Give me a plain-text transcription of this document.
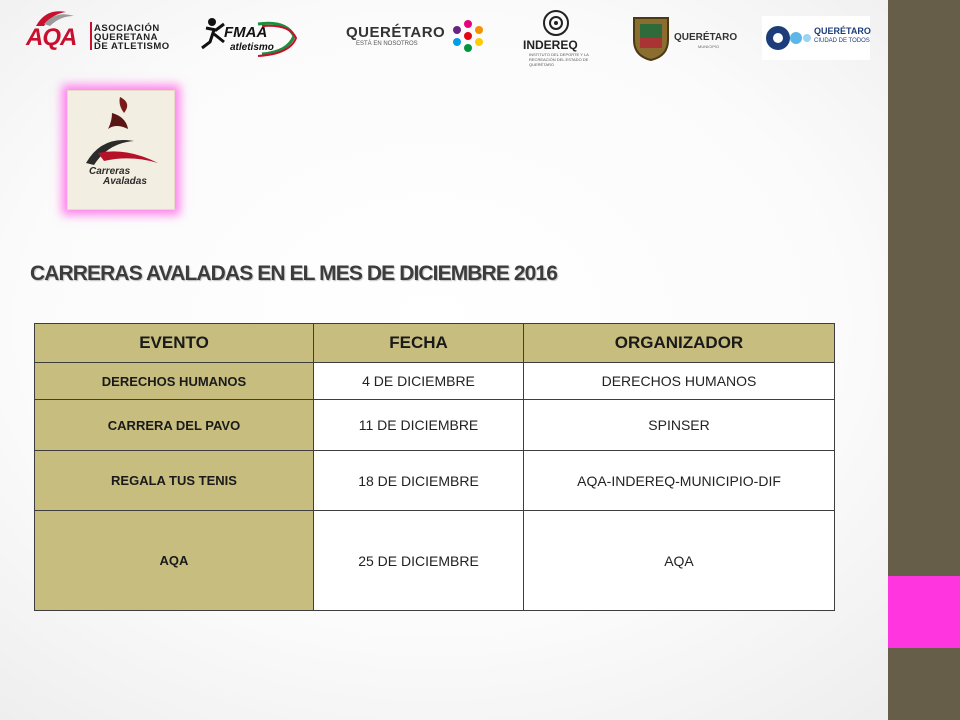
AQA ASOCIACIÓN
QUERETANA
DE ATLETISMO
FMAA
atletismo
QUERÉTARO
ESTÁ EN NOSOTROS	INDEREQ
INSTITUTO DEL DEPORTE Y LA RECREACIÓN DEL ESTADO DE QUERÉTARO
QUERÉTARO
MUNICIPIO
QUERÉTARO
CIUDAD DE TODOS
Carreras
Avaladas
CARRERAS AVALADAS EN EL MES DE DICIEMBRE 2016
EVENTO	FECHA	ORGANIZADOR
DERECHOS HUMANOS	4 DE DICIEMBRE	DERECHOS HUMANOS
CARRERA DEL PAVO	11 DE DICIEMBRE	SPINSER
REGALA TUS TENIS	18 DE DICIEMBRE	AQA-INDEREQ-MUNICIPIO-DIF
AQA	25 DE DICIEMBRE	AQA
